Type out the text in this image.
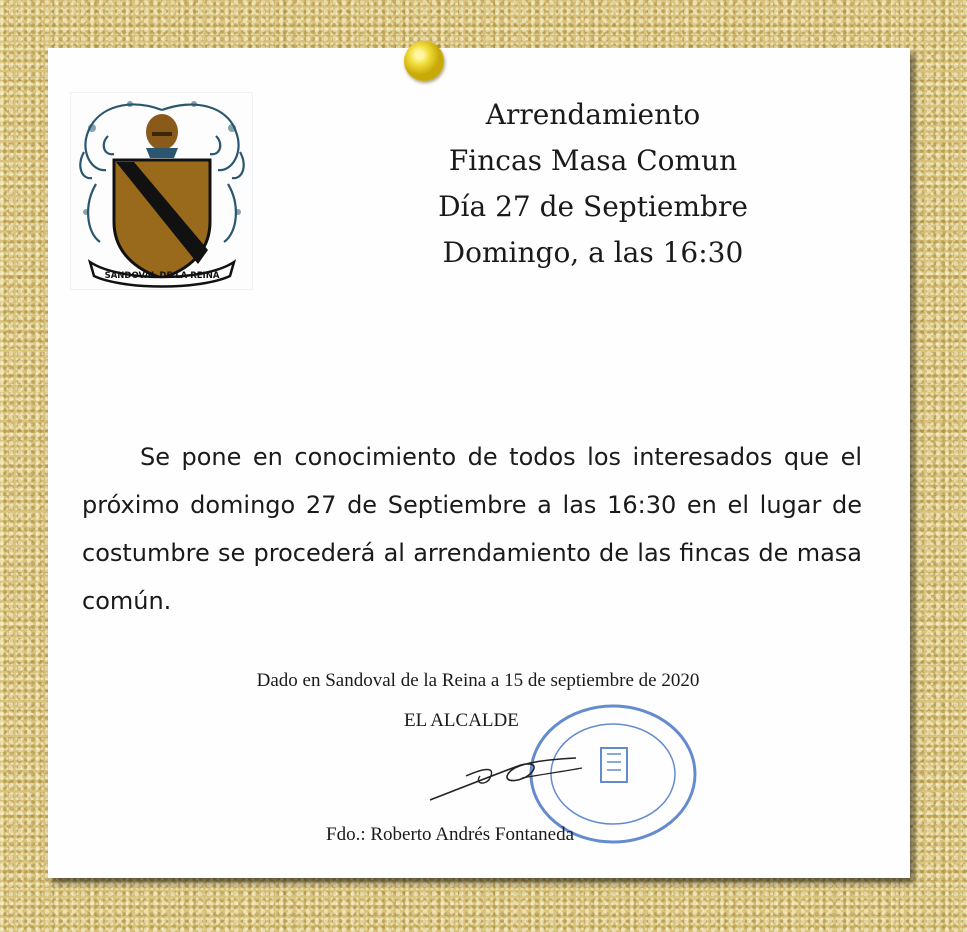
SANDOVAL DE LA REINA
Arrendamiento
Fincas Masa Comun
Día 27 de Septiembre
Domingo, a las 16:30
Se pone en conocimiento de todos los interesados que el próximo domingo 27 de Septiembre a las 16:30 en el lugar de costumbre se procederá al arrendamiento de las fincas de masa común.
Dado en Sandoval de la Reina a 15 de septiembre de 2020
EL ALCALDE
Fdo.: Roberto Andrés Fontaneda
